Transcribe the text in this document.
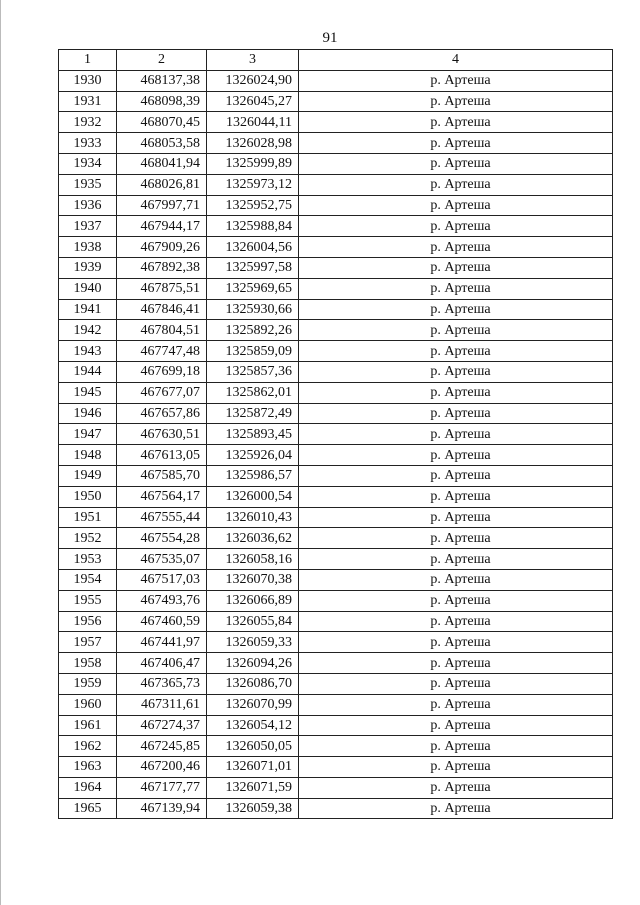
91
1	2	3	4
1930	468137,38	1326024,90	р. Артеша
1931	468098,39	1326045,27	р. Артеша
1932	468070,45	1326044,11	р. Артеша
1933	468053,58	1326028,98	р. Артеша
1934	468041,94	1325999,89	р. Артеша
1935	468026,81	1325973,12	р. Артеша
1936	467997,71	1325952,75	р. Артеша
1937	467944,17	1325988,84	р. Артеша
1938	467909,26	1326004,56	р. Артеша
1939	467892,38	1325997,58	р. Артеша
1940	467875,51	1325969,65	р. Артеша
1941	467846,41	1325930,66	р. Артеша
1942	467804,51	1325892,26	р. Артеша
1943	467747,48	1325859,09	р. Артеша
1944	467699,18	1325857,36	р. Артеша
1945	467677,07	1325862,01	р. Артеша
1946	467657,86	1325872,49	р. Артеша
1947	467630,51	1325893,45	р. Артеша
1948	467613,05	1325926,04	р. Артеша
1949	467585,70	1325986,57	р. Артеша
1950	467564,17	1326000,54	р. Артеша
1951	467555,44	1326010,43	р. Артеша
1952	467554,28	1326036,62	р. Артеша
1953	467535,07	1326058,16	р. Артеша
1954	467517,03	1326070,38	р. Артеша
1955	467493,76	1326066,89	р. Артеша
1956	467460,59	1326055,84	р. Артеша
1957	467441,97	1326059,33	р. Артеша
1958	467406,47	1326094,26	р. Артеша
1959	467365,73	1326086,70	р. Артеша
1960	467311,61	1326070,99	р. Артеша
1961	467274,37	1326054,12	р. Артеша
1962	467245,85	1326050,05	р. Артеша
1963	467200,46	1326071,01	р. Артеша
1964	467177,77	1326071,59	р. Артеша
1965	467139,94	1326059,38	р. Артеша
